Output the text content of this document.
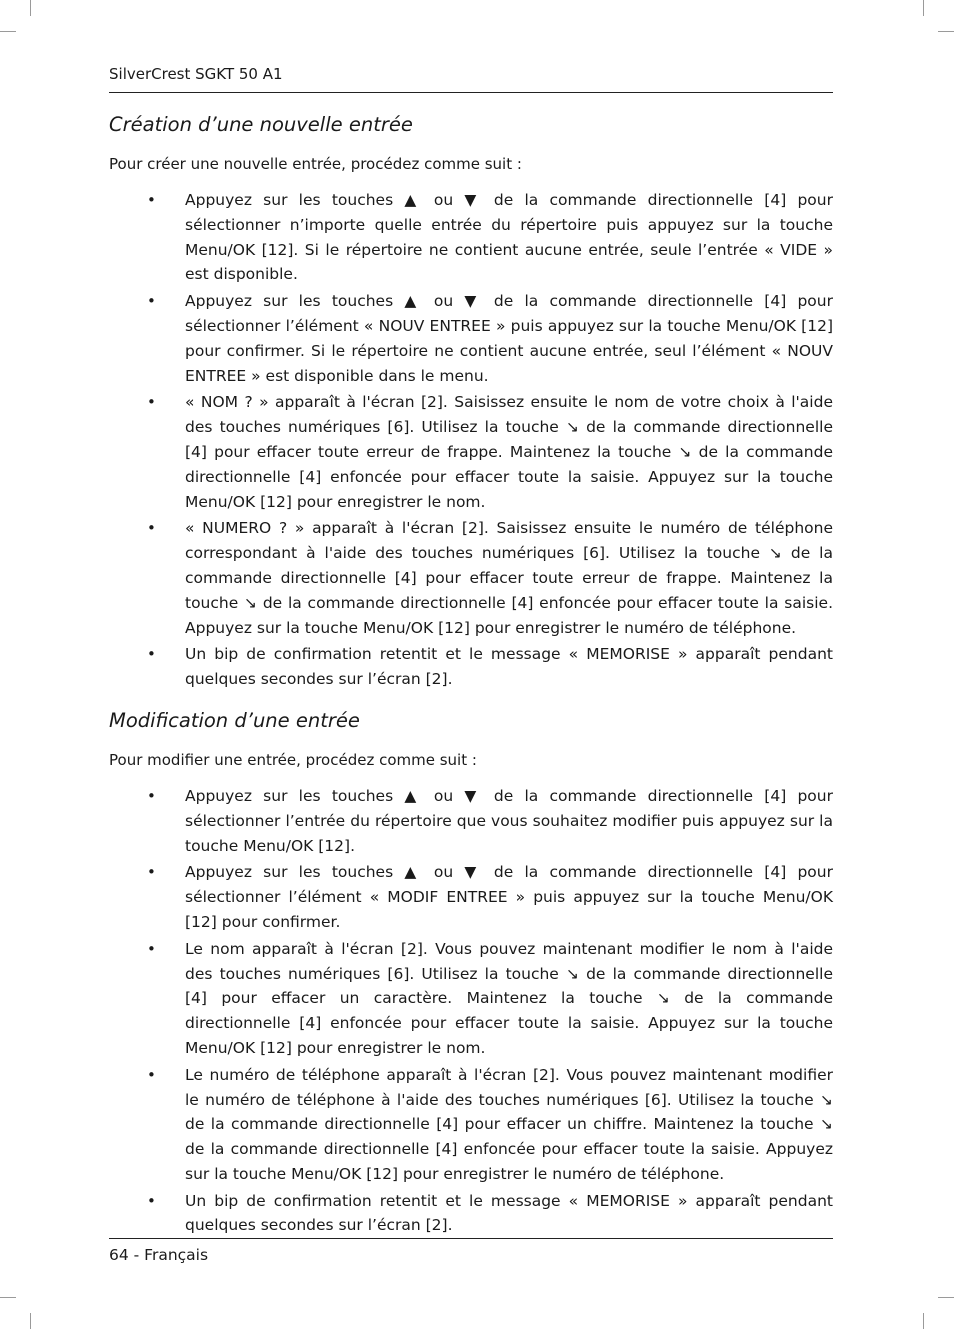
SilverCrest SGKT 50 A1
Création d’une nouvelle entrée

Pour créer une nouvelle entrée, procédez comme suit :

• Appuyez sur les touches ▲ ou ▼ de la commande directionnelle [4] pour sélectionner n’importe quelle entrée du répertoire puis appuyez sur la touche Menu/OK [12]. Si le répertoire ne contient aucune entrée, seule l’entrée « VIDE » est disponible.
• Appuyez sur les touches ▲ ou ▼ de la commande directionnelle [4] pour sélectionner l’élément « NOUV ENTREE » puis appuyez sur la touche Menu/OK [12] pour confirmer. Si le répertoire ne contient aucune entrée, seul l’élément « NOUV ENTREE » est disponible dans le menu.
• « NOM ? » apparaît à l'écran [2]. Saisissez ensuite le nom de votre choix à l'aide des touches numériques [6]. Utilisez la touche ↘ de la commande directionnelle [4] pour effacer toute erreur de frappe. Maintenez la touche ↘ de la commande directionnelle [4] enfoncée pour effacer toute la saisie. Appuyez sur la touche Menu/OK [12] pour enregistrer le nom.
• « NUMERO ? » apparaît à l'écran [2]. Saisissez ensuite le numéro de téléphone correspondant à l'aide des touches numériques [6]. Utilisez la touche ↘ de la commande directionnelle [4] pour effacer toute erreur de frappe. Maintenez la touche ↘ de la commande directionnelle [4] enfoncée pour effacer toute la saisie. Appuyez sur la touche Menu/OK [12] pour enregistrer le numéro de téléphone.
• Un bip de confirmation retentit et le message « MEMORISE » apparaît pendant quelques secondes sur l’écran [2].
Modification d’une entrée

Pour modifier une entrée, procédez comme suit :

• Appuyez sur les touches ▲ ou ▼ de la commande directionnelle [4] pour sélectionner l’entrée du répertoire que vous souhaitez modifier puis appuyez sur la touche Menu/OK [12].
• Appuyez sur les touches ▲ ou ▼ de la commande directionnelle [4] pour sélectionner l’élément « MODIF ENTREE » puis appuyez sur la touche Menu/OK [12] pour confirmer.
• Le nom apparaît à l'écran [2]. Vous pouvez maintenant modifier le nom à l'aide des touches numériques [6]. Utilisez la touche ↘ de la commande directionnelle [4] pour effacer un caractère. Maintenez la touche ↘ de la commande directionnelle [4] enfoncée pour effacer toute la saisie. Appuyez sur la touche Menu/OK [12] pour enregistrer le nom.
• Le numéro de téléphone apparaît à l'écran [2]. Vous pouvez maintenant modifier le numéro de téléphone à l'aide des touches numériques [6]. Utilisez la touche ↘ de la commande directionnelle [4] pour effacer un chiffre. Maintenez la touche ↘ de la commande directionnelle [4] enfoncée pour effacer toute la saisie. Appuyez sur la touche Menu/OK [12] pour enregistrer le numéro de téléphone.
• Un bip de confirmation retentit et le message « MEMORISE » apparaît pendant quelques secondes sur l’écran [2].
64 - Français
